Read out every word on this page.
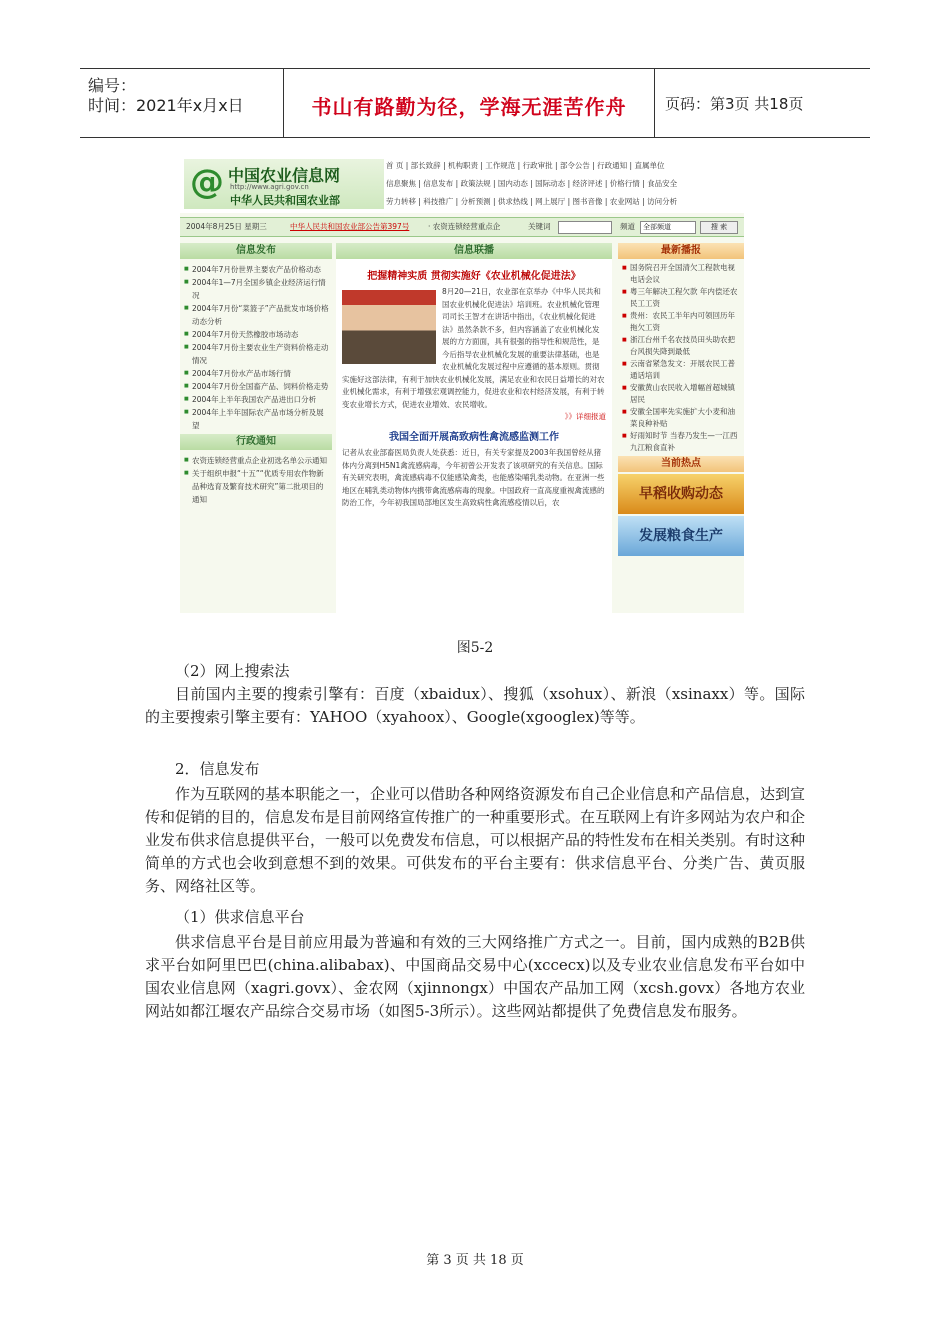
编号：
时间：2021年x月x日	书山有路勤为径，学海无涯苦作舟	页码：第3页 共18页
@ 中国农业信息网
http://www.agri.gov.cn
中华人民共和国农业部
首 页 | 部长致辞 | 机构职责 | 工作规范 | 行政审批 | 部令公告 | 行政通知 | 直属单位
信息聚焦 | 信息发布 | 政策法规 | 国内动态 | 国际动态 | 经济评述 | 价格行情 | 食品安全
劳力转移 | 科技推广 | 分析预测 | 供求热线 | 网上展厅 | 图书音像 | 农业网站 | 访问分析
2004年8月25日 星期三	中华人民共和国农业部公告第397号 · 农资连锁经营重点企	关键词	频道	全部频道	搜 索
信息发布
■ 2004年7月份世界主要农产品价格动态
■ 2004年1—7月全国乡镇企业经济运行情况
■ 2004年7月份“菜篮子”产品批发市场价格动态分析
■ 2004年7月份天然橡胶市场动态
■ 2004年7月份主要农业生产资料价格走动情况
■ 2004年7月份水产品市场行情
■ 2004年7月份全国畜产品、饲料价格走势
■ 2004年上半年我国农产品进出口分析
■ 2004年上半年国际农产品市场分析及展望
行政通知
■ 农资连锁经营重点企业初选名单公示通知
■ 关于组织申报“十五”“优质专用农作物新品种选育及繁育技术研究”第二批项目的通知
信息联播
把握精神实质 贯彻实施好《农业机械化促进法》
8月20—21日，农业部在京举办《中华人民共和国农业机械化促进法》培训班。农业机械化管理司司长王智才在讲话中指出，《农业机械化促进法》虽然条款不多，但内容涵盖了农业机械化发展的方方面面，具有很强的指导性和规范性，是今后指导农业机械化发展的重要法律基础，也是农业机械化发展过程中应遵循的基本原则。贯彻实施好这部法律，有利于加快农业机械化发展，满足农业和农民日益增长的对农业机械化需求，有利于增强宏观调控能力，促进农业和农村经济发展，有利于转变农业增长方式，促进农业增效、农民增收。
》》详细报道
我国全面开展高致病性禽流感监测工作
记者从农业部畜医局负责人处获悉：近日，有关专家提及2003年我国曾经从猪体内分离到H5N1禽流感病毒，今年初曾公开发表了该项研究的有关信息。国际有关研究表明，禽流感病毒不仅能感染禽类，也能感染哺乳类动物。在亚洲一些地区在哺乳类动物体内携带禽流感病毒的现象。中国政府一直高度重视禽流感的防治工作，今年初我国局部地区发生高致病性禽流感疫情以后，农
最新播报
■ 国务院召开全国清欠工程款电视电话会议
■ 粤三年解决工程欠款 年内偿还农民工工资
■ 贵州：农民工半年内可领回历年拖欠工资
■ 浙江台州千名农技员田头助农把台风损失降到最低
■ 云南省紧急发文：开展农民工普通话培训
■ 安徽黄山农民收入增幅首超城镇居民
■ 安徽全国率先实施扩大小麦和油菜良种补贴
■ 好雨知时节 当春乃发生—一江西九江粮食直补
当前热点
早稻收购动态
发展粮食生产
图5-2
（2）网上搜索法
目前国内主要的搜索引擎有：百度（xbaidux）、搜狐（xsohux）、新浪（xsinaxx）等。国际的主要搜索引擎主要有：YAHOO（xyahoox）、Google(xgooglex)等等。
2．信息发布
作为互联网的基本职能之一，企业可以借助各种网络资源发布自己企业信息和产品信息，达到宣传和促销的目的，信息发布是目前网络宣传推广的一种重要形式。在互联网上有许多网站为农户和企业发布供求信息提供平台，一般可以免费发布信息，可以根据产品的特性发布在相关类别。有时这种简单的方式也会收到意想不到的效果。可供发布的平台主要有：供求信息平台、分类广告、黄页服务、网络社区等。
（1）供求信息平台
供求信息平台是目前应用最为普遍和有效的三大网络推广方式之一。目前，国内成熟的B2B供求平台如阿里巴巴(china.alibabax)、中国商品交易中心(xccecx)以及专业农业信息发布平台如中国农业信息网（xagri.govx）、金农网（xjinnongx）中国农产品加工网（xcsh.govx）各地方农业网站如都江堰农产品综合交易市场（如图5-3所示）。这些网站都提供了免费信息发布服务。
第 3 页 共 18 页
